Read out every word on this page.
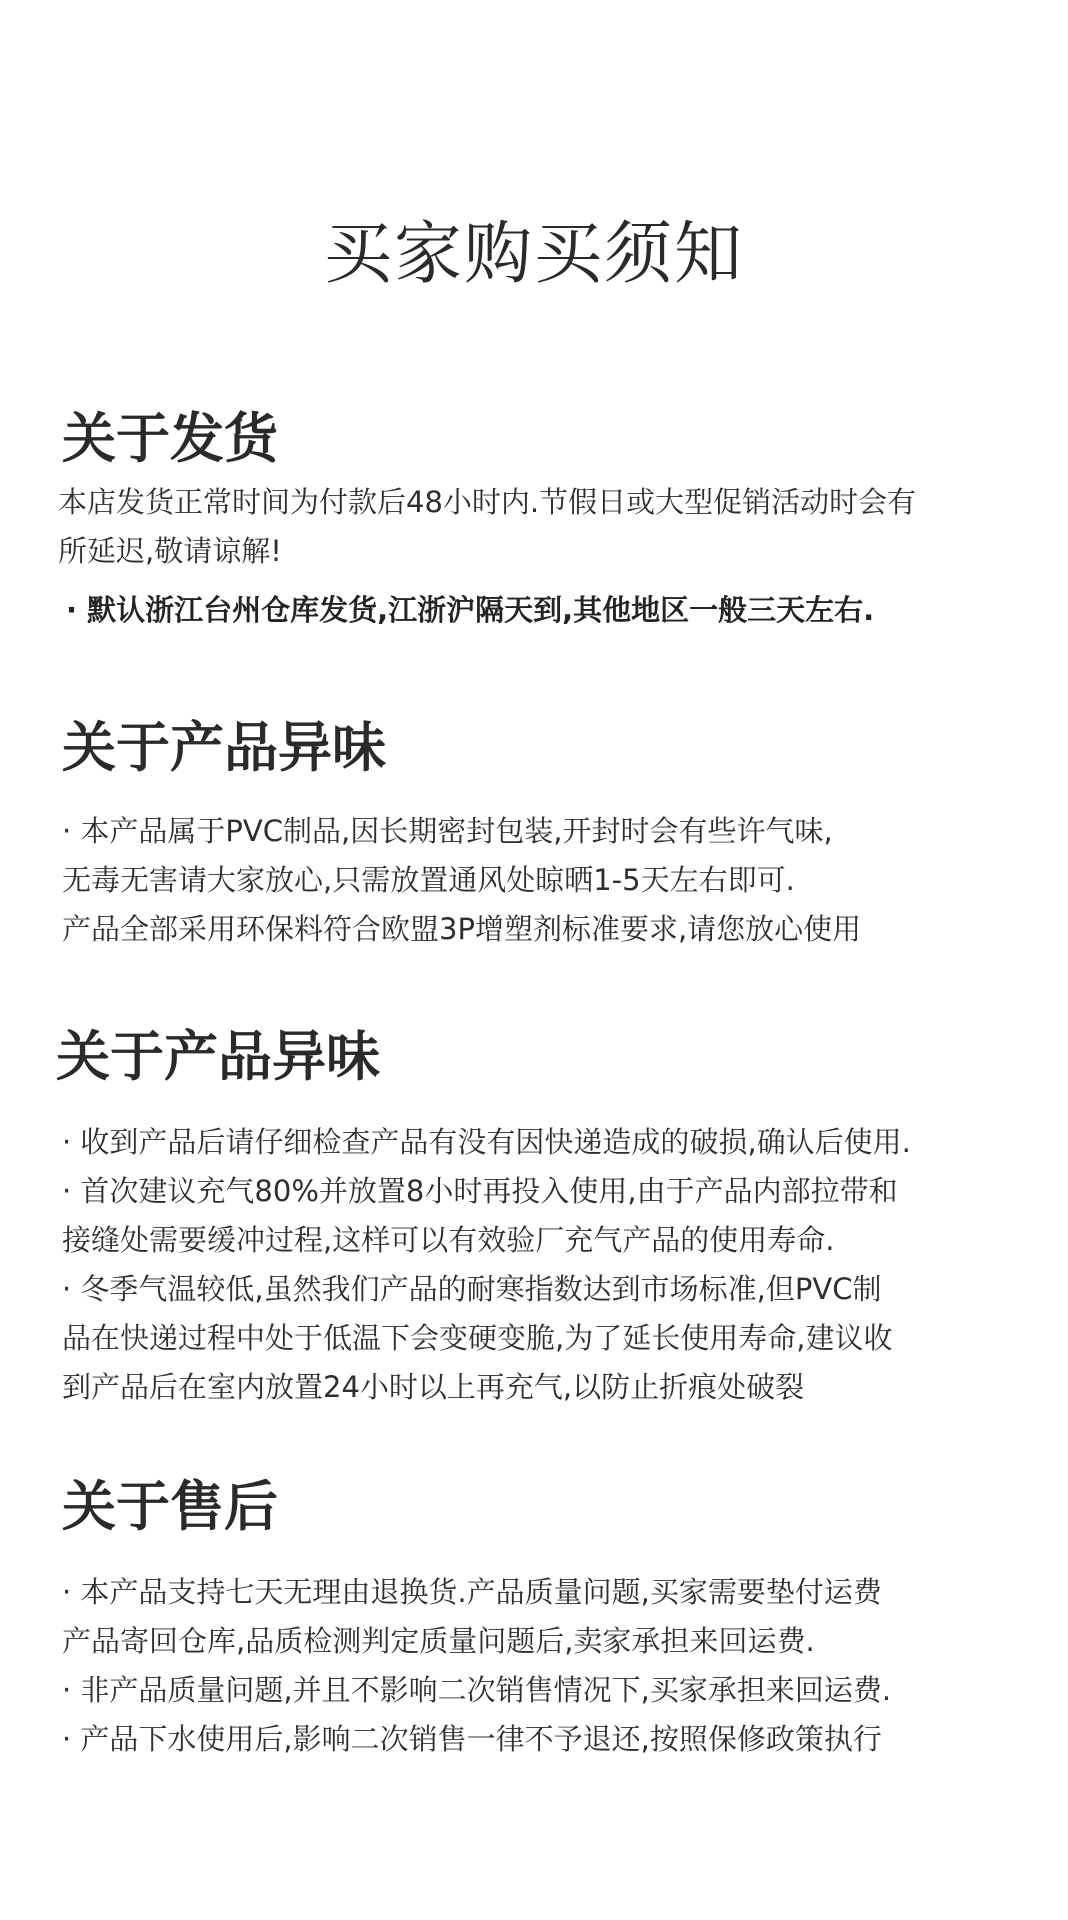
买家购买须知
关于发货
本店发货正常时间为付款后48小时内.节假日或大型促销活动时会有
所延迟,敬请谅解!
· 默认浙江台州仓库发货,江浙沪隔天到,其他地区一般三天左右.
关于产品异味
· 本产品属于PVC制品,因长期密封包装,开封时会有些许气味,
无毒无害请大家放心,只需放置通风处晾晒1-5天左右即可.
产品全部采用环保料符合欧盟3P增塑剂标准要求,请您放心使用
关于产品异味
· 收到产品后请仔细检查产品有没有因快递造成的破损,确认后使用.
· 首次建议充气80%并放置8小时再投入使用,由于产品内部拉带和
接缝处需要缓冲过程,这样可以有效验厂充气产品的使用寿命.
· 冬季气温较低,虽然我们产品的耐寒指数达到市场标准,但PVC制
品在快递过程中处于低温下会变硬变脆,为了延长使用寿命,建议收
到产品后在室内放置24小时以上再充气,以防止折痕处破裂
关于售后
· 本产品支持七天无理由退换货.产品质量问题,买家需要垫付运费
产品寄回仓库,品质检测判定质量问题后,卖家承担来回运费.
· 非产品质量问题,并且不影响二次销售情况下,买家承担来回运费.
· 产品下水使用后,影响二次销售一律不予退还,按照保修政策执行
